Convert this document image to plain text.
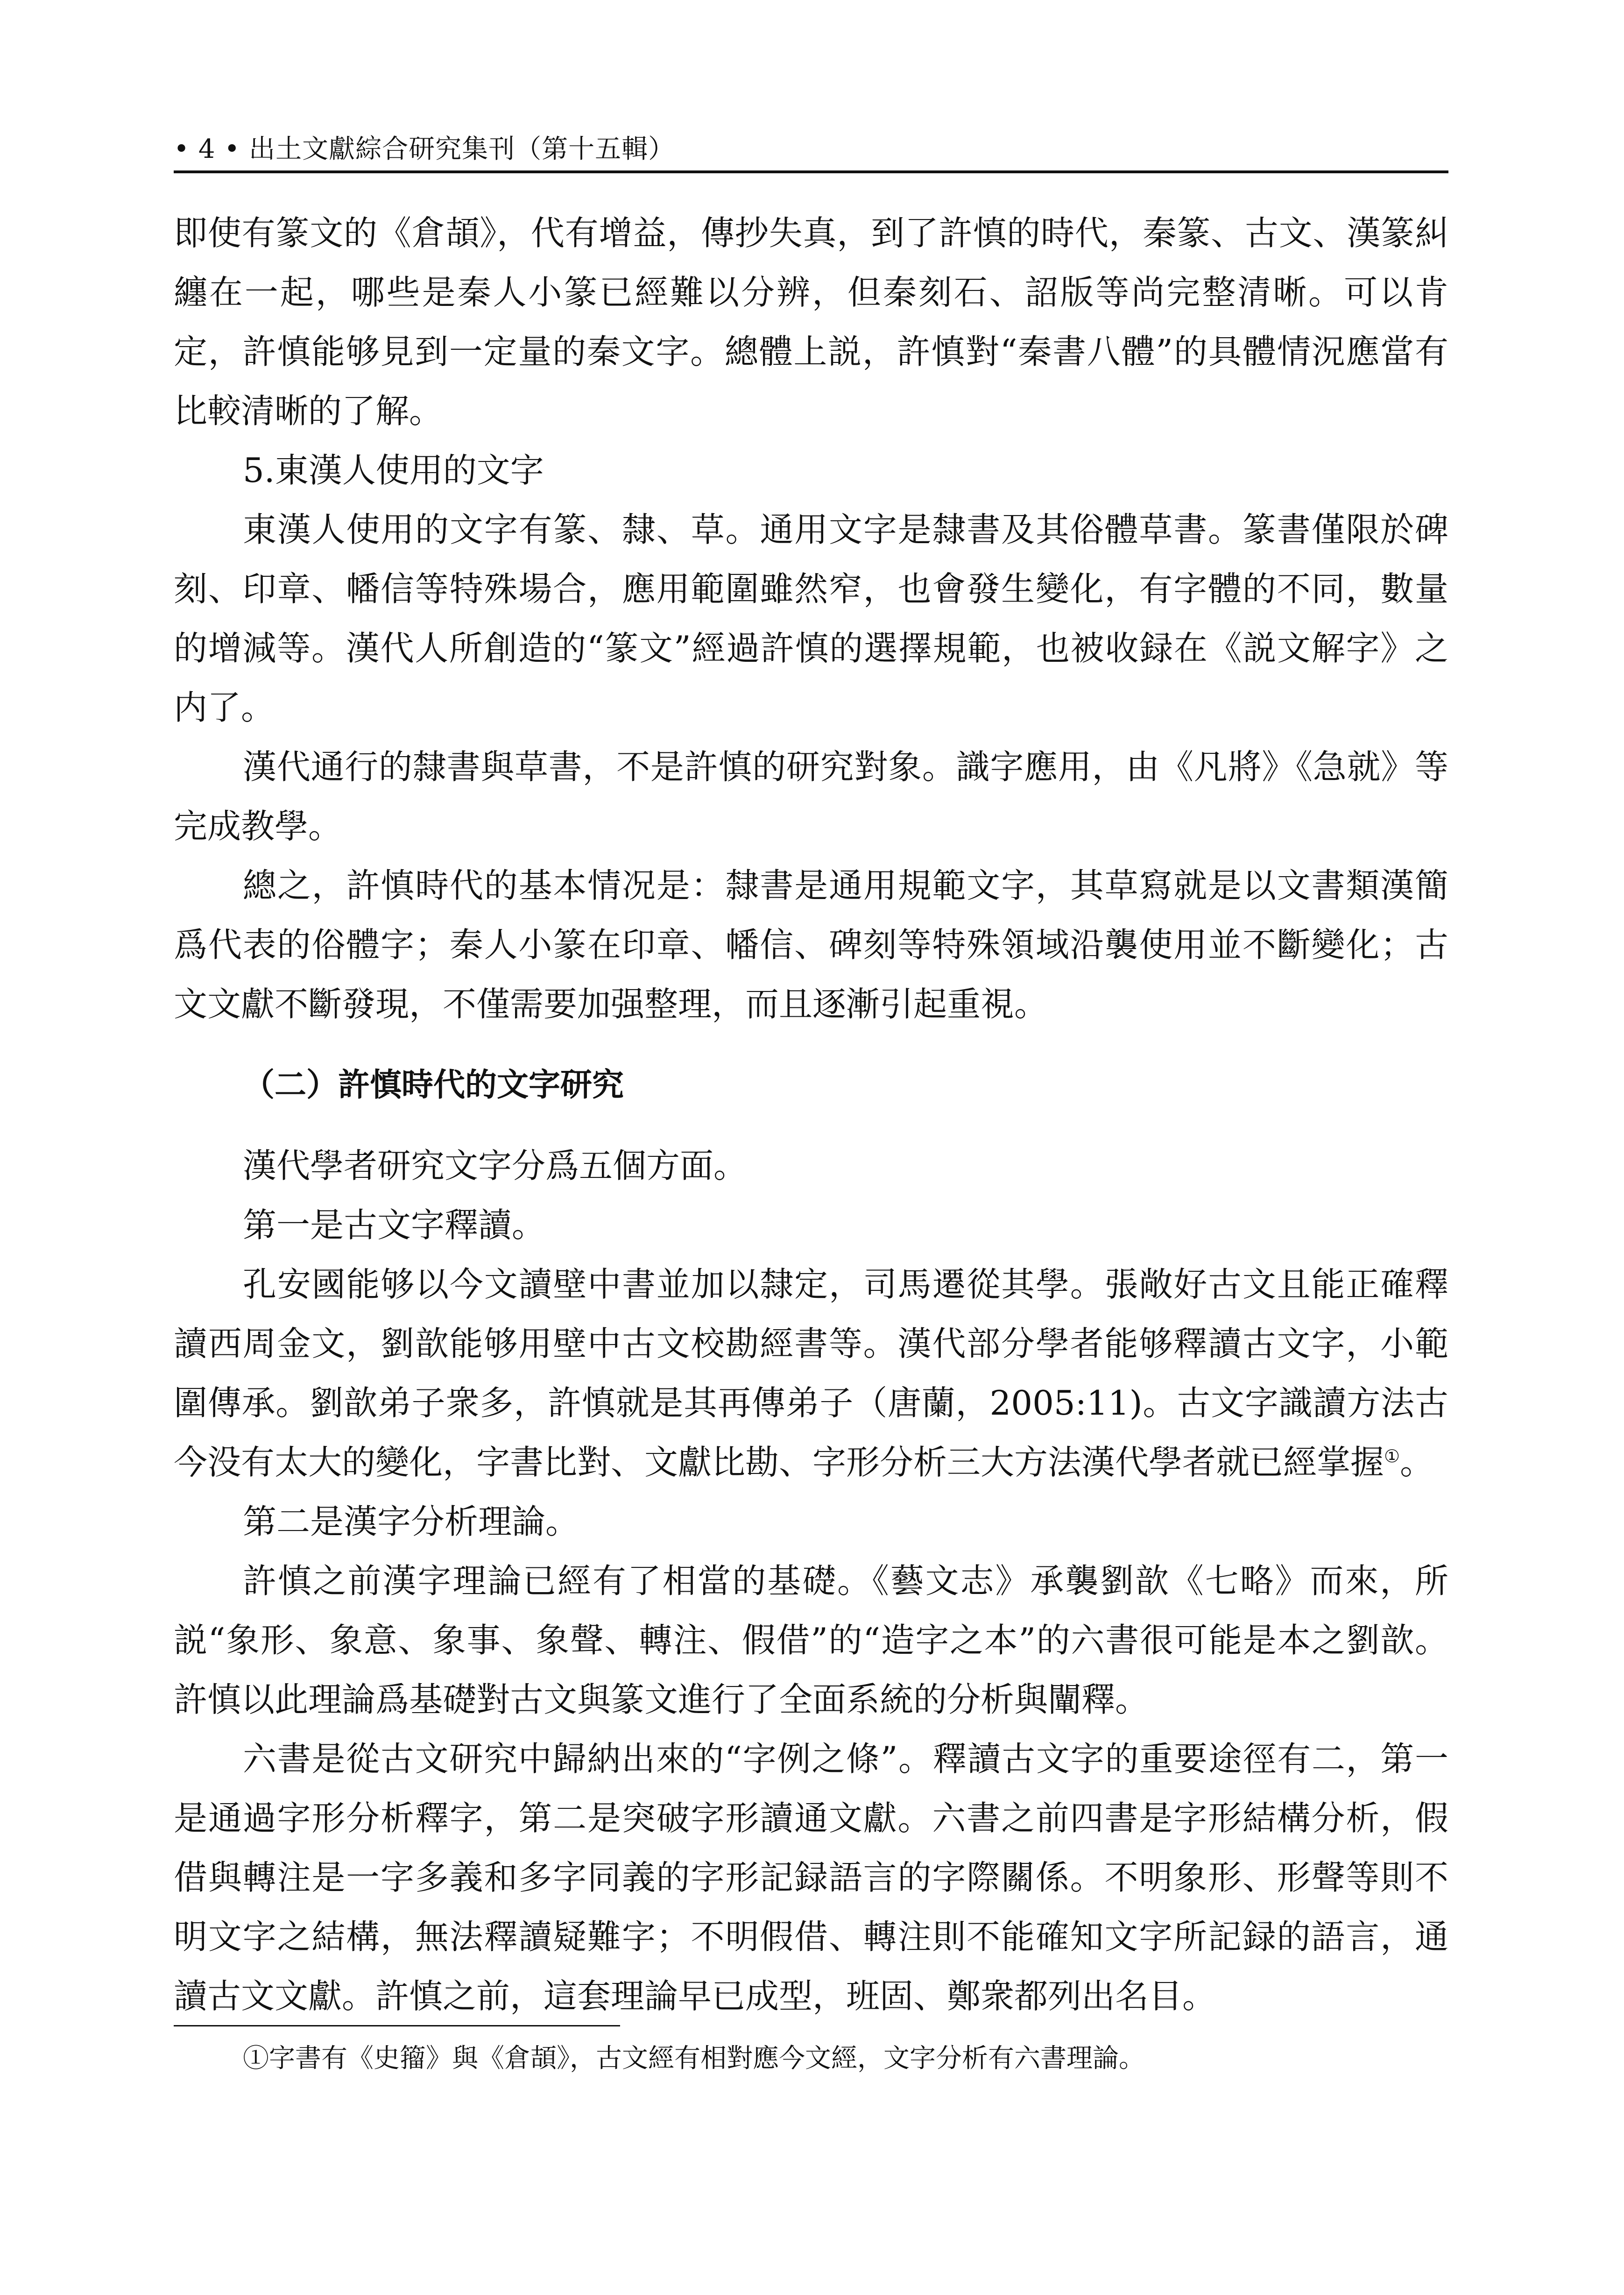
• 4 • 出土文獻綜合研究集刊（第十五輯）

即使有篆文的《倉頡》，代有增益，傳抄失真，到了許慎的時代，秦篆、古文、漢篆糾纏在一起，哪些是秦人小篆已經難以分辨，但秦刻石、詔版等尚完整清晰。可以肯定，許慎能够見到一定量的秦文字。總體上説，許慎對“秦書八體”的具體情況應當有比較清晰的了解。

5.東漢人使用的文字

東漢人使用的文字有篆、隸、草。通用文字是隸書及其俗體草書。篆書僅限於碑刻、印章、幡信等特殊場合，應用範圍雖然窄，也會發生變化，有字體的不同，數量的增減等。漢代人所創造的“篆文”經過許慎的選擇規範，也被收録在《説文解字》之内了。

漢代通行的隸書與草書，不是許慎的研究對象。識字應用，由《凡將》《急就》等完成教學。

總之，許慎時代的基本情况是：隸書是通用規範文字，其草寫就是以文書類漢簡爲代表的俗體字；秦人小篆在印章、幡信、碑刻等特殊領域沿襲使用並不斷變化；古文文獻不斷發現，不僅需要加强整理，而且逐漸引起重視。

（二）許慎時代的文字研究

漢代學者研究文字分爲五個方面。

第一是古文字釋讀。

孔安國能够以今文讀壁中書並加以隸定，司馬遷從其學。張敞好古文且能正確釋讀西周金文，劉歆能够用壁中古文校勘經書等。漢代部分學者能够釋讀古文字，小範圍傳承。劉歆弟子衆多，許慎就是其再傳弟子（唐蘭，2005:11)。古文字識讀方法古今没有太大的變化，字書比對、文獻比勘、字形分析三大方法漢代學者就已經掌握①。

第二是漢字分析理論。

許慎之前漢字理論已經有了相當的基礎。《藝文志》承襲劉歆《七略》而來，所説“象形、象意、象事、象聲、轉注、假借”的“造字之本”的六書很可能是本之劉歆。許慎以此理論爲基礎對古文與篆文進行了全面系統的分析與闡釋。

六書是從古文研究中歸納出來的“字例之條”。釋讀古文字的重要途徑有二，第一是通過字形分析釋字，第二是突破字形讀通文獻。六書之前四書是字形結構分析，假借與轉注是一字多義和多字同義的字形記録語言的字際關係。不明象形、形聲等則不明文字之結構，無法釋讀疑難字；不明假借、轉注則不能確知文字所記録的語言，通讀古文文獻。許慎之前，這套理論早已成型，班固、鄭衆都列出名目。

①字書有《史籀》與《倉頡》，古文經有相對應今文經，文字分析有六書理論。
